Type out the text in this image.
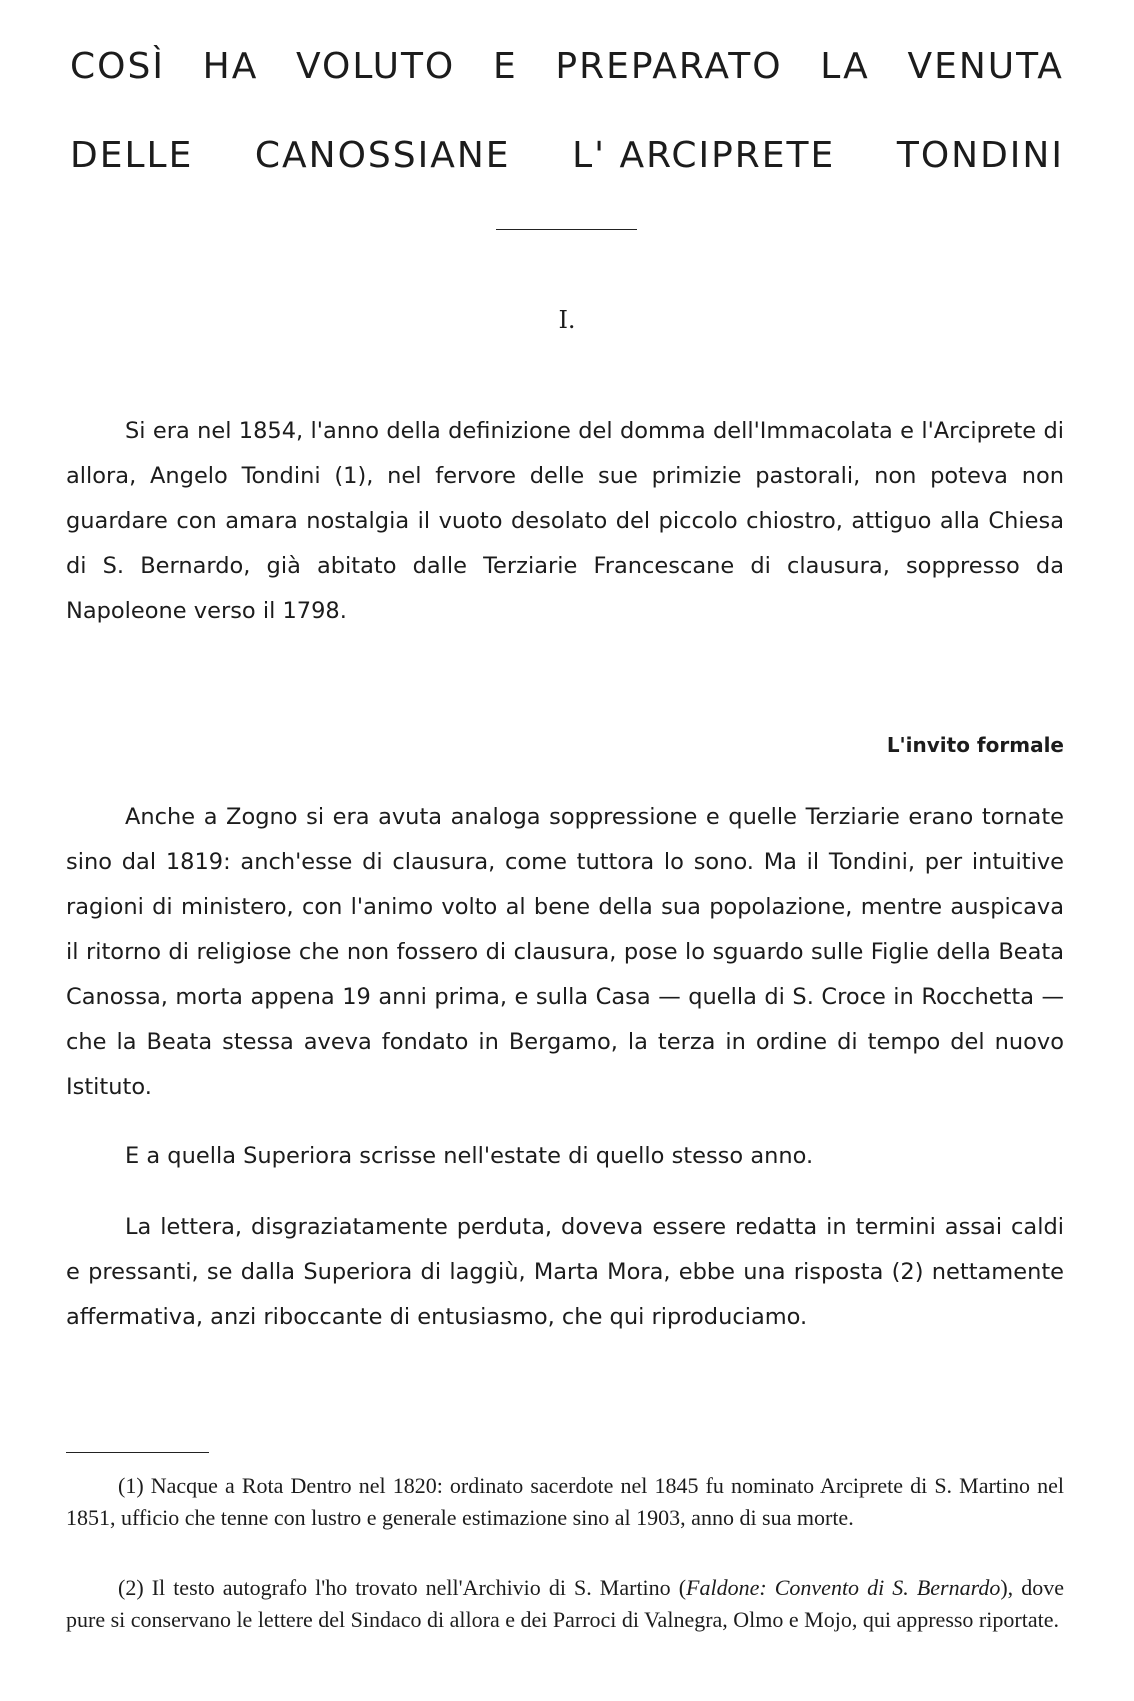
COSÌ HA VOLUTO E PREPARATO LA VENUTA
DELLE CANOSSIANE L' ARCIPRETE TONDINI
I.

Si era nel 1854, l'anno della definizione del domma dell'Immacolata e l'Arciprete di allora, Angelo Tondini (1), nel fervore delle sue primizie pastorali, non poteva non guardare con amara nostalgia il vuoto desolato del piccolo chiostro, attiguo alla Chiesa di S. Bernardo, già abitato dalle Terziarie Francescane di clausura, soppresso da Napoleone verso il 1798.

L'invito formale

Anche a Zogno si era avuta analoga soppressione e quelle Terziarie erano tornate sino dal 1819: anch'esse di clausura, come tuttora lo sono. Ma il Tondini, per intuitive ragioni di ministero, con l'animo volto al bene della sua popolazione, mentre auspicava il ritorno di religiose che non fossero di clausura, pose lo sguardo sulle Figlie della Beata Canossa, morta appena 19 anni prima, e sulla Casa — quella di S. Croce in Rocchetta — che la Beata stessa aveva fondato in Bergamo, la terza in ordine di tempo del nuovo Istituto.

E a quella Superiora scrisse nell'estate di quello stesso anno.

La lettera, disgraziatamente perduta, doveva essere redatta in termini assai caldi e pressanti, se dalla Superiora di laggiù, Marta Mora, ebbe una risposta (2) nettamente affermativa, anzi riboccante di entusiasmo, che qui riproduciamo.

(1) Nacque a Rota Dentro nel 1820: ordinato sacerdote nel 1845 fu nominato Arciprete di S. Martino nel 1851, ufficio che tenne con lustro e generale estimazione sino al 1903, anno di sua morte.

(2) Il testo autografo l'ho trovato nell'Archivio di S. Martino (Faldone: Convento di S. Bernardo), dove pure si conservano le lettere del Sindaco di allora e dei Parroci di Valnegra, Olmo e Mojo, qui appresso riportate.
